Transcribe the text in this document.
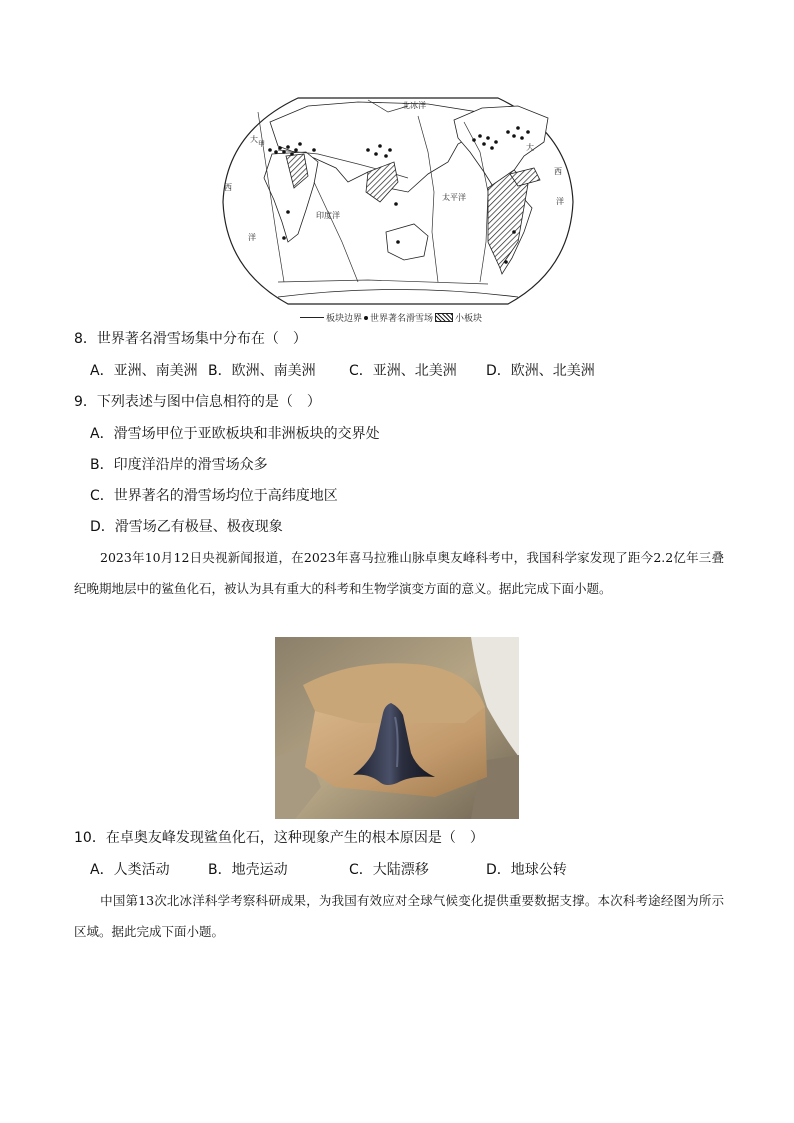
北冰洋
太平洋
印度洋
大
西
洋
大
西
洋
甲
板块边界 世界著名滑雪场 小板块
8．世界著名滑雪场集中分布在（　）
A．亚洲、南美洲 B．欧洲、南美洲 C．亚洲、北美洲 D．欧洲、北美洲
9．下列表述与图中信息相符的是（　）
A．滑雪场甲位于亚欧板块和非洲板块的交界处
B．印度洋沿岸的滑雪场众多
C．世界著名的滑雪场均位于高纬度地区
D．滑雪场乙有极昼、极夜现象
2023年10月12日央视新闻报道，在2023年喜马拉雅山脉卓奥友峰科考中，我国科学家发现了距今2.2亿年三叠纪晚期地层中的鲨鱼化石，被认为具有重大的科考和生物学演变方面的意义。据此完成下面小题。
10．在卓奥友峰发现鲨鱼化石，这种现象产生的根本原因是（　）
A．人类活动	B．地壳运动	C．大陆漂移	D．地球公转
中国第13次北冰洋科学考察科研成果，为我国有效应对全球气候变化提供重要数据支撑。本次科考途经图为所示区域。据此完成下面小题。
